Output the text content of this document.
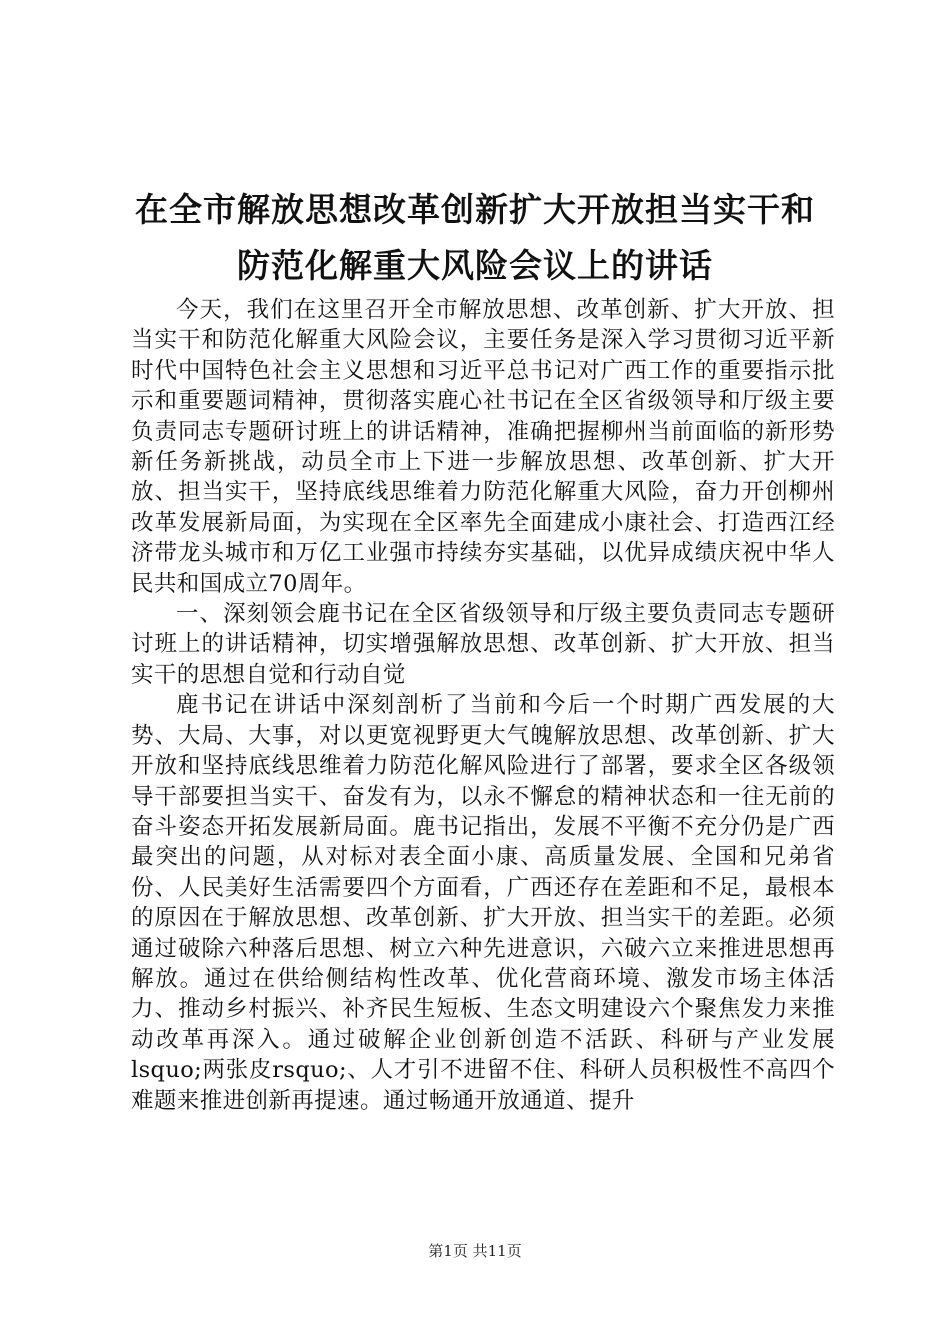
在全市解放思想改革创新扩大开放担当实干和
防范化解重大风险会议上的讲话

今天，我们在这里召开全市解放思想、改革创新、扩大开放、担当实干和防范化解重大风险会议，主要任务是深入学习贯彻习近平新时代中国特色社会主义思想和习近平总书记对广西工作的重要指示批示和重要题词精神，贯彻落实鹿心社书记在全区省级领导和厅级主要负责同志专题研讨班上的讲话精神，准确把握柳州当前面临的新形势新任务新挑战，动员全市上下进一步解放思想、改革创新、扩大开放、担当实干，坚持底线思维着力防范化解重大风险，奋力开创柳州改革发展新局面，为实现在全区率先全面建成小康社会、打造西江经济带龙头城市和万亿工业强市持续夯实基础，以优异成绩庆祝中华人民共和国成立70周年。

一、深刻领会鹿书记在全区省级领导和厅级主要负责同志专题研讨班上的讲话精神，切实增强解放思想、改革创新、扩大开放、担当实干的思想自觉和行动自觉

鹿书记在讲话中深刻剖析了当前和今后一个时期广西发展的大势、大局、大事，对以更宽视野更大气魄解放思想、改革创新、扩大开放和坚持底线思维着力防范化解风险进行了部署，要求全区各级领导干部要担当实干、奋发有为，以永不懈怠的精神状态和一往无前的奋斗姿态开拓发展新局面。鹿书记指出，发展不平衡不充分仍是广西最突出的问题，从对标对表全面小康、高质量发展、全国和兄弟省份、人民美好生活需要四个方面看，广西还存在差距和不足，最根本的原因在于解放思想、改革创新、扩大开放、担当实干的差距。必须通过破除六种落后思想、树立六种先进意识，六破六立来推进思想再解放。通过在供给侧结构性改革、优化营商环境、激发市场主体活力、推动乡村振兴、补齐民生短板、生态文明建设六个聚焦发力来推动改革再深入。通过破解企业创新创造不活跃、科研与产业发展lsquo;两张皮rsquo;、人才引不进留不住、科研人员积极性不高四个难题来推进创新再提速。通过畅通开放通道、提升

第1页 共11页
